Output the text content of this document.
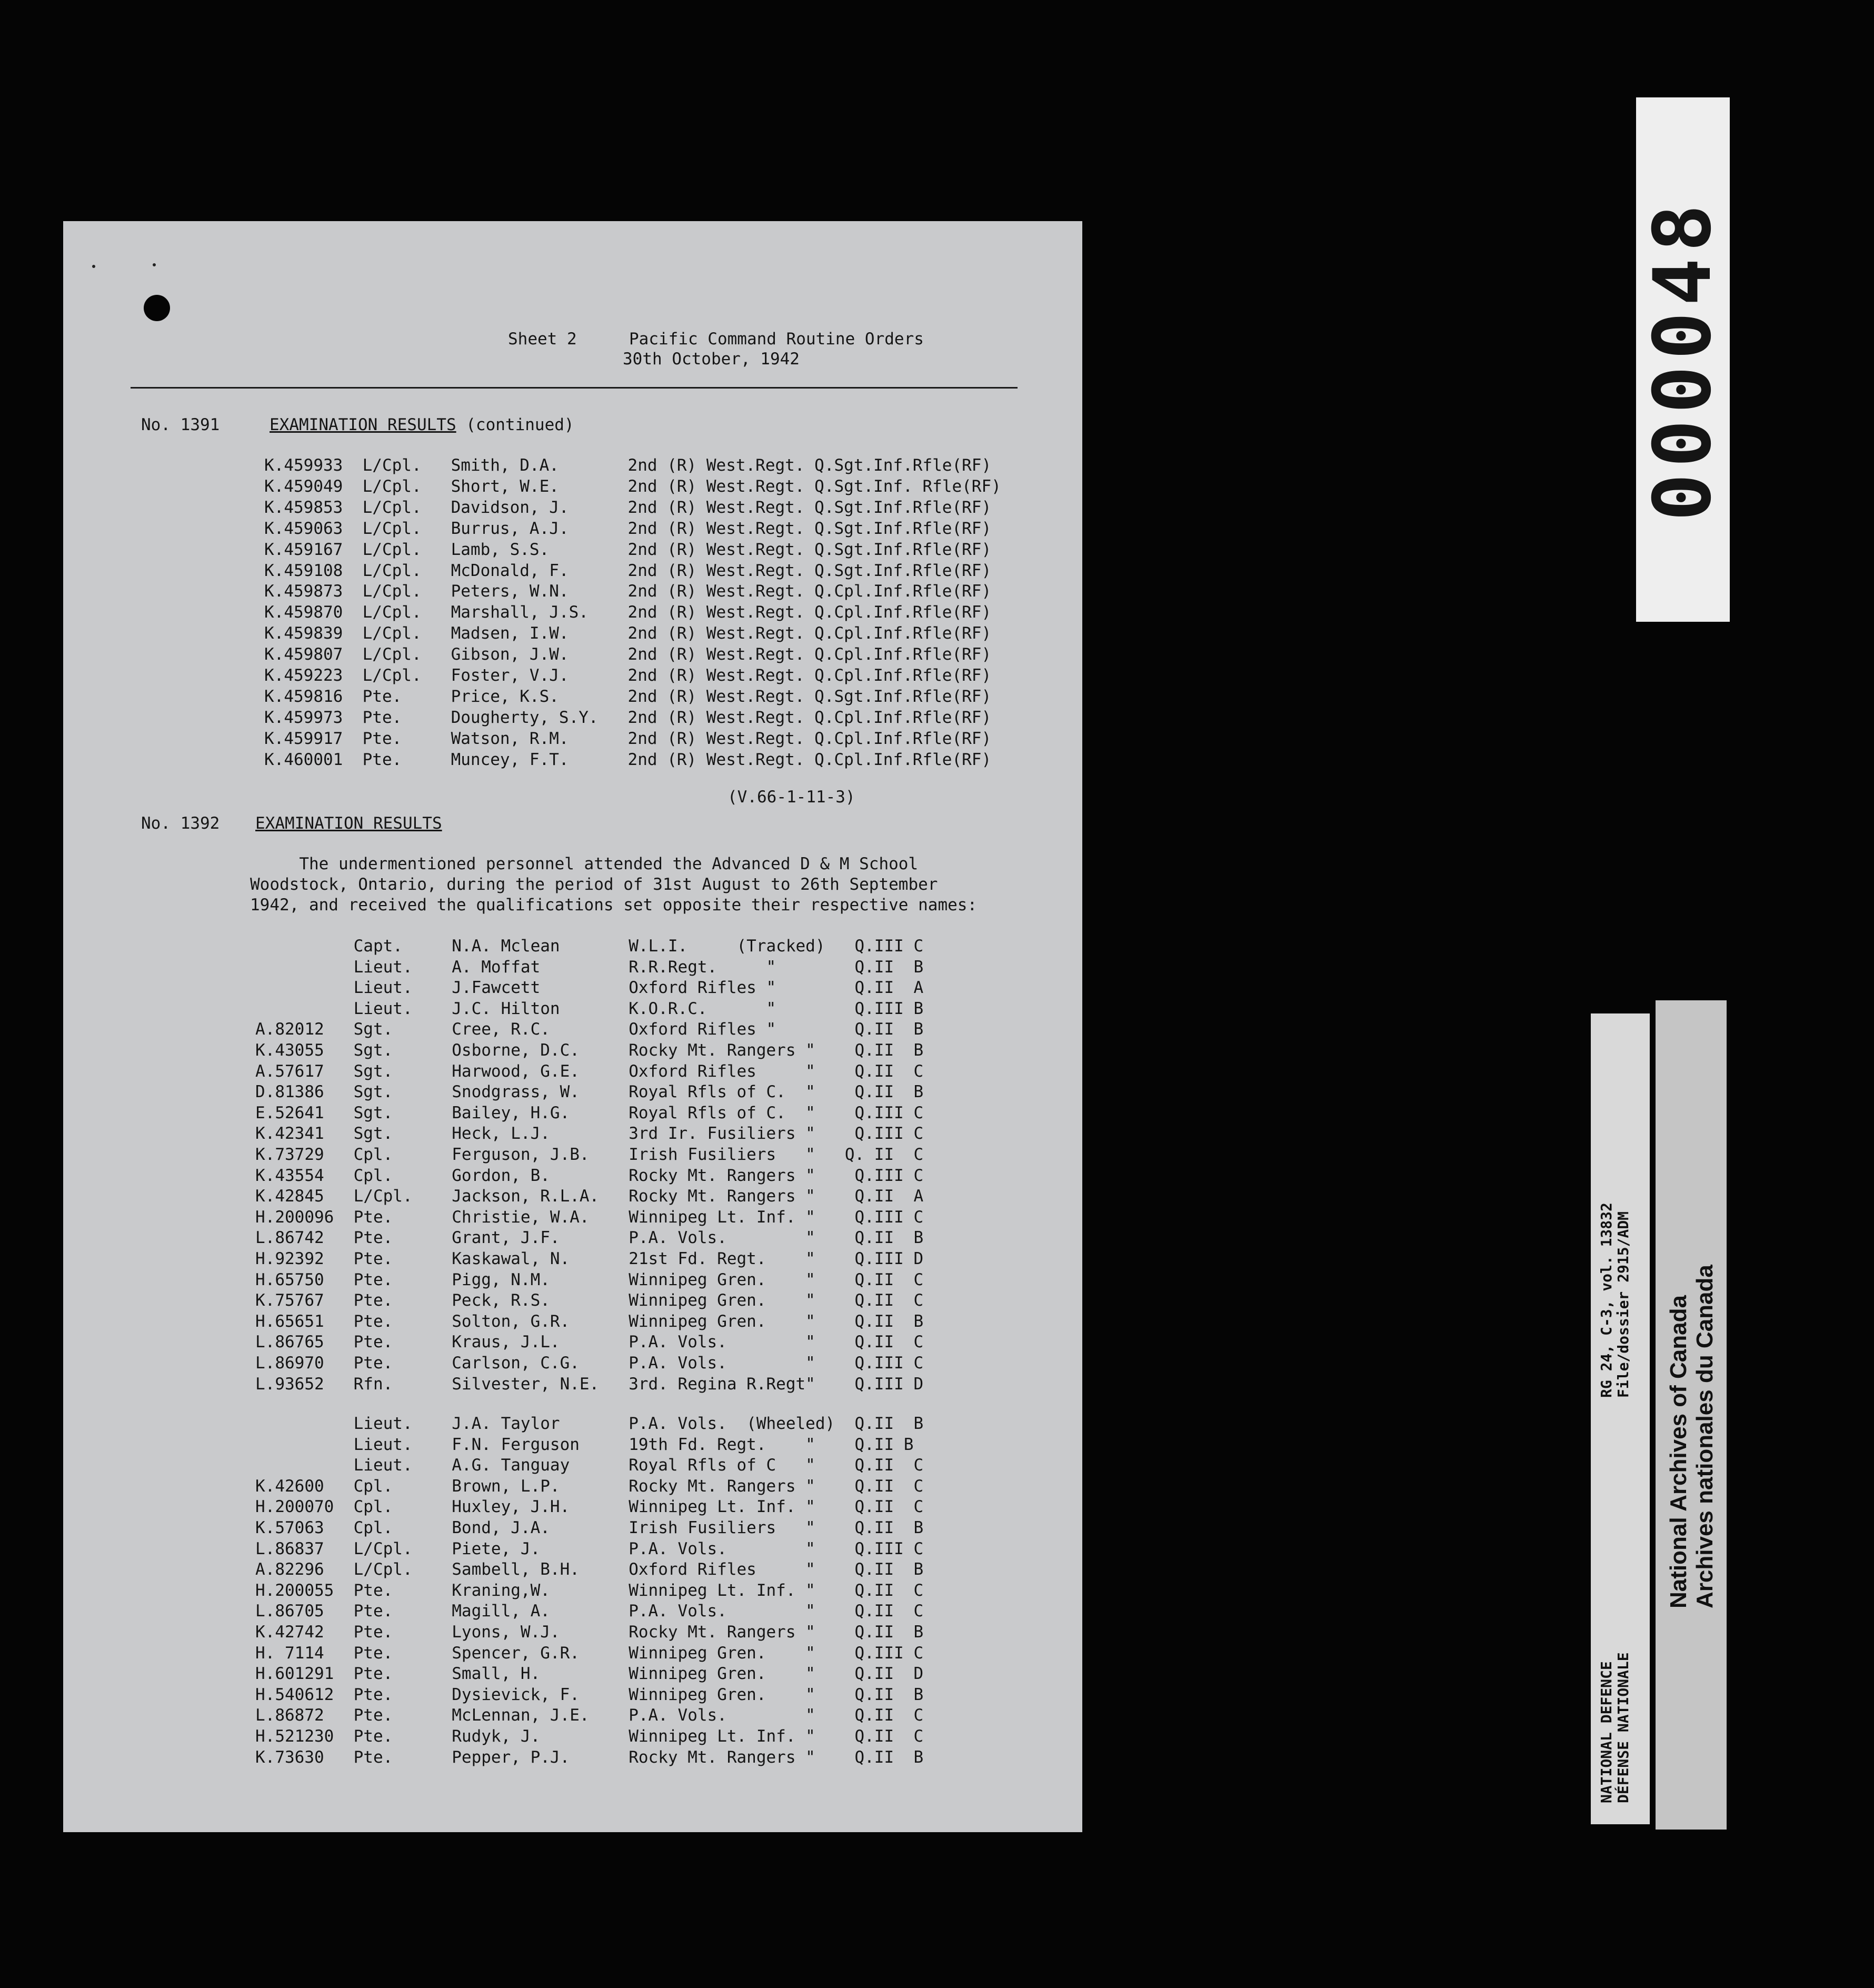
Sheet 2	Pacific Command Routine Orders
30th October, 1942
No. 1391	EXAMINATION RESULTS (continued)
K.459933  L/Cpl.   Smith, D.A.       2nd (R) West.Regt. Q.Sgt.Inf.Rfle(RF)
K.459049  L/Cpl.   Short, W.E.       2nd (R) West.Regt. Q.Sgt.Inf. Rfle(RF)
K.459853  L/Cpl.   Davidson, J.      2nd (R) West.Regt. Q.Sgt.Inf.Rfle(RF)
K.459063  L/Cpl.   Burrus, A.J.      2nd (R) West.Regt. Q.Sgt.Inf.Rfle(RF)
K.459167  L/Cpl.   Lamb, S.S.        2nd (R) West.Regt. Q.Sgt.Inf.Rfle(RF)
K.459108  L/Cpl.   McDonald, F.      2nd (R) West.Regt. Q.Sgt.Inf.Rfle(RF)
K.459873  L/Cpl.   Peters, W.N.      2nd (R) West.Regt. Q.Cpl.Inf.Rfle(RF)
K.459870  L/Cpl.   Marshall, J.S.    2nd (R) West.Regt. Q.Cpl.Inf.Rfle(RF)
K.459839  L/Cpl.   Madsen, I.W.      2nd (R) West.Regt. Q.Cpl.Inf.Rfle(RF)
K.459807  L/Cpl.   Gibson, J.W.      2nd (R) West.Regt. Q.Cpl.Inf.Rfle(RF)
K.459223  L/Cpl.   Foster, V.J.      2nd (R) West.Regt. Q.Cpl.Inf.Rfle(RF)
K.459816  Pte.     Price, K.S.       2nd (R) West.Regt. Q.Sgt.Inf.Rfle(RF)
K.459973  Pte.     Dougherty, S.Y.   2nd (R) West.Regt. Q.Cpl.Inf.Rfle(RF)
K.459917  Pte.     Watson, R.M.      2nd (R) West.Regt. Q.Cpl.Inf.Rfle(RF)
K.460001  Pte.     Muncey, F.T.      2nd (R) West.Regt. Q.Cpl.Inf.Rfle(RF)
(V.66-1-11-3)
No. 1392 EXAMINATION RESULTS
The undermentioned personnel attended the Advanced D & M School
Woodstock, Ontario, during the period of 31st August to 26th September
1942, and received the qualifications set opposite their respective names:
Capt.     N.A. Mclean       W.L.I.     (Tracked)   Q.III C
Lieut.    A. Moffat         R.R.Regt.     "        Q.II  B
Lieut.    J.Fawcett         Oxford Rifles "        Q.II  A
Lieut.    J.C. Hilton       K.O.R.C.      "        Q.III B
A.82012   Sgt.      Cree, R.C.        Oxford Rifles "        Q.II  B
K.43055   Sgt.      Osborne, D.C.     Rocky Mt. Rangers "    Q.II  B
A.57617   Sgt.      Harwood, G.E.     Oxford Rifles     "    Q.II  C
D.81386   Sgt.      Snodgrass, W.     Royal Rfls of C.  "    Q.II  B
E.52641   Sgt.      Bailey, H.G.      Royal Rfls of C.  "    Q.III C
K.42341   Sgt.      Heck, L.J.        3rd Ir. Fusiliers "    Q.III C
K.73729   Cpl.      Ferguson, J.B.    Irish Fusiliers   "   Q. II  C
K.43554   Cpl.      Gordon, B.        Rocky Mt. Rangers "    Q.III C
K.42845   L/Cpl.    Jackson, R.L.A.   Rocky Mt. Rangers "    Q.II  A
H.200096  Pte.      Christie, W.A.    Winnipeg Lt. Inf. "    Q.III C
L.86742   Pte.      Grant, J.F.       P.A. Vols.        "    Q.II  B
H.92392   Pte.      Kaskawal, N.      21st Fd. Regt.    "    Q.III D
H.65750   Pte.      Pigg, N.M.        Winnipeg Gren.    "    Q.II  C
K.75767   Pte.      Peck, R.S.        Winnipeg Gren.    "    Q.II  C
H.65651   Pte.      Solton, G.R.      Winnipeg Gren.    "    Q.II  B
L.86765   Pte.      Kraus, J.L.       P.A. Vols.        "    Q.II  C
L.86970   Pte.      Carlson, C.G.     P.A. Vols.        "    Q.III C
L.93652   Rfn.      Silvester, N.E.   3rd. Regina R.Regt"    Q.III D
Lieut.    J.A. Taylor       P.A. Vols.  (Wheeled)  Q.II  B
Lieut.    F.N. Ferguson     19th Fd. Regt.    "    Q.II B
Lieut.    A.G. Tanguay      Royal Rfls of C   "    Q.II  C
K.42600   Cpl.      Brown, L.P.       Rocky Mt. Rangers "    Q.II  C
H.200070  Cpl.      Huxley, J.H.      Winnipeg Lt. Inf. "    Q.II  C
K.57063   Cpl.      Bond, J.A.        Irish Fusiliers   "    Q.II  B
L.86837   L/Cpl.    Piete, J.         P.A. Vols.        "    Q.III C
A.82296   L/Cpl.    Sambell, B.H.     Oxford Rifles     "    Q.II  B
H.200055  Pte.      Kraning,W.        Winnipeg Lt. Inf. "    Q.II  C
L.86705   Pte.      Magill, A.        P.A. Vols.        "    Q.II  C
K.42742   Pte.      Lyons, W.J.       Rocky Mt. Rangers "    Q.II  B
H. 7114   Pte.      Spencer, G.R.     Winnipeg Gren.    "    Q.III C
H.601291  Pte.      Small, H.         Winnipeg Gren.    "    Q.II  D
H.540612  Pte.      Dysievick, F.     Winnipeg Gren.    "    Q.II  B
L.86872   Pte.      McLennan, J.E.    P.A. Vols.        "    Q.II  C
H.521230  Pte.      Rudyk, J.         Winnipeg Lt. Inf. "    Q.II  C
K.73630   Pte.      Pepper, P.J.      Rocky Mt. Rangers "    Q.II  B
000048
NATIONAL DEFENCE DÉFENSE NATIONALE
RG 24, C-3, vol. 13832 File/dossier 2915/ADM National Archives of Canada Archives nationales du Canada
